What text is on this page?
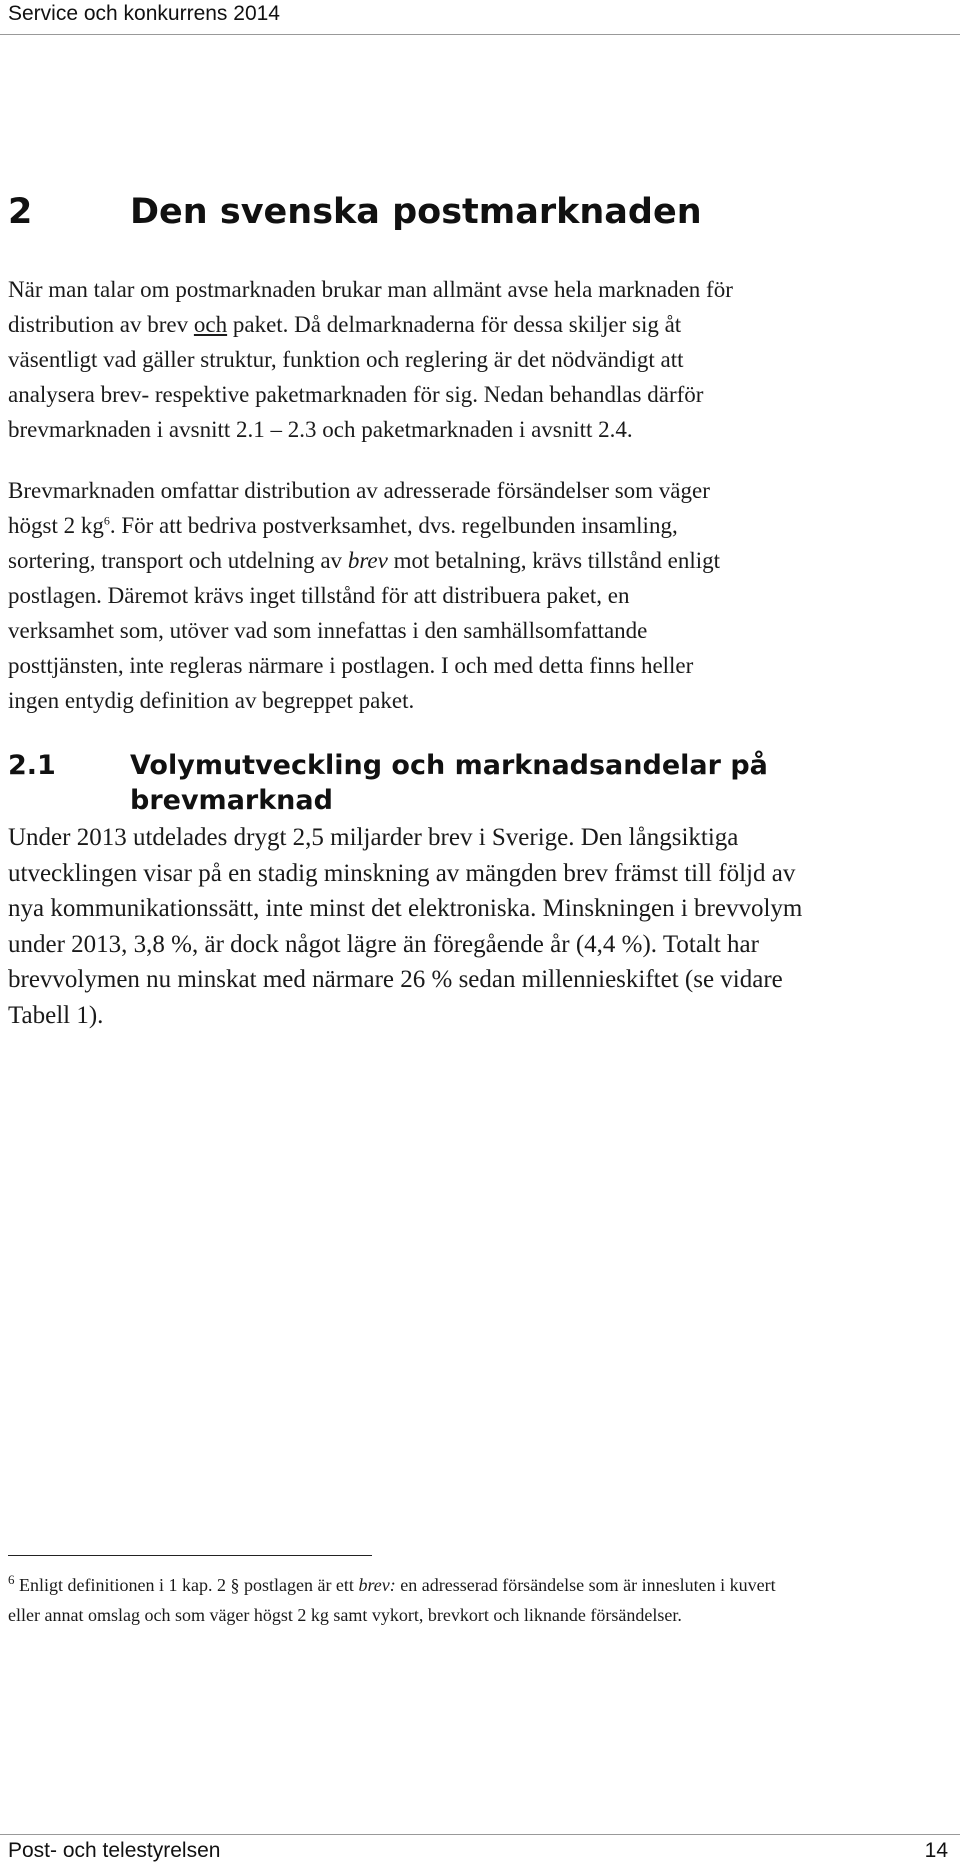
Service och konkurrens 2014
2	Den svenska postmarknaden
När man talar om postmarknaden brukar man allmänt avse hela marknaden för
distribution av brev och paket. Då delmarknaderna för dessa skiljer sig åt
väsentligt vad gäller struktur, funktion och reglering är det nödvändigt att
analysera brev- respektive paketmarknaden för sig. Nedan behandlas därför
brevmarknaden i avsnitt 2.1 – 2.3 och paketmarknaden i avsnitt 2.4.
Brevmarknaden omfattar distribution av adresserade försändelser som väger
högst 2 kg$^6$. För att bedriva postverksamhet, dvs. regelbunden insamling,
sortering, transport och utdelning av brev mot betalning, krävs tillstånd enligt
postlagen. Däremot krävs inget tillstånd för att distribuera paket, en
verksamhet som, utöver vad som innefattas i den samhällsomfattande
posttjänsten, inte regleras närmare i postlagen. I och med detta finns heller
ingen entydig definition av begreppet paket.
2.1	Volymutveckling och marknadsandelar på
brevmarknad
Under 2013 utdelades drygt 2,5 miljarder brev i Sverige. Den långsiktiga
utvecklingen visar på en stadig minskning av mängden brev främst till följd av
nya kommunikationssätt, inte minst det elektroniska. Minskningen i brevvolym
under 2013, 3,8 %, är dock något lägre än föregående år (4,4 %). Totalt har
brevvolymen nu minskat med närmare 26 % sedan millennieskiftet (se vidare
Tabell 1).
$^6$ Enligt definitionen i 1 kap. 2 § postlagen är ett brev: en adresserad försändelse som är innesluten i kuvert
eller annat omslag och som väger högst 2 kg samt vykort, brevkort och liknande försändelser.
Post- och telestyrelsen	14
